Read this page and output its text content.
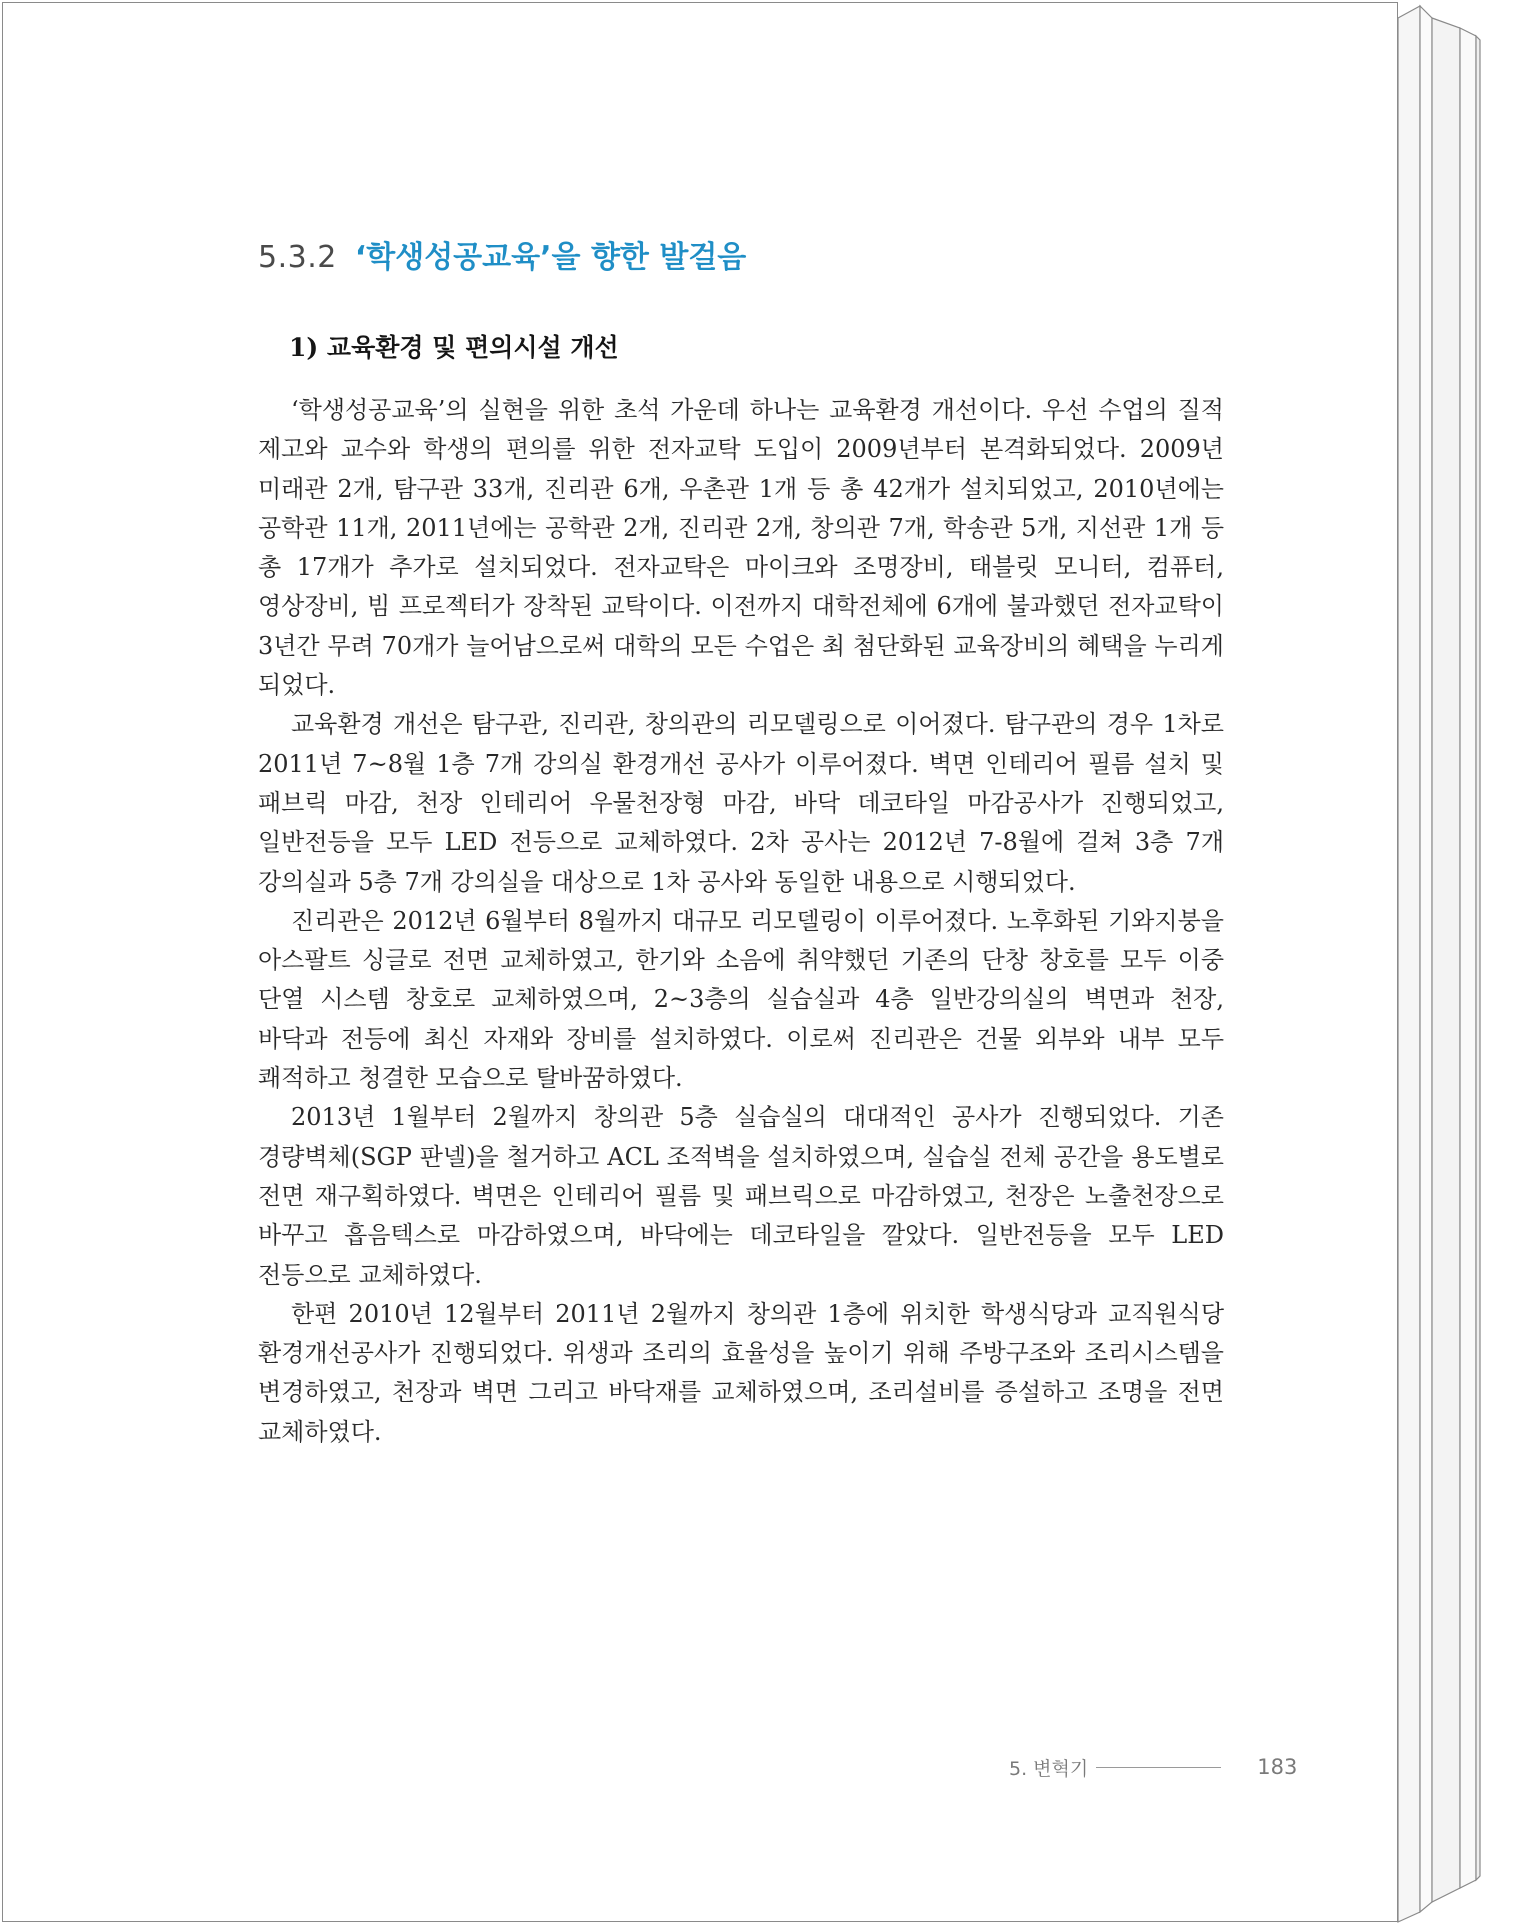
5.3.2 ‘학생성공교육’을 향한 발걸음
1) 교육환경 및 편의시설 개선

‘학생성공교육’의 실현을 위한 초석 가운데 하나는 교육환경 개선이다. 우선 수업의 질적 제고와 교수와 학생의 편의를 위한 전자교탁 도입이 2009년부터 본격화되었다. 2009년 미래관 2개, 탐구관 33개, 진리관 6개, 우촌관 1개 등 총 42개가 설치되었고, 2010년에는 공학관 11개, 2011년에는 공학관 2개, 진리관 2개, 창의관 7개, 학송관 5개, 지선관 1개 등 총 17개가 추가로 설치되었다. 전자교탁은 마이크와 조명장비, 태블릿 모니터, 컴퓨터, 영상장비, 빔 프로젝터가 장착된 교탁이다. 이전까지 대학전체에 6개에 불과했던 전자교탁이 3년간 무려 70개가 늘어남으로써 대학의 모든 수업은 최 첨단화된 교육장비의 혜택을 누리게 되었다.

교육환경 개선은 탐구관, 진리관, 창의관의 리모델링으로 이어졌다. 탐구관의 경우 1차로 2011년 7~8월 1층 7개 강의실 환경개선 공사가 이루어졌다. 벽면 인테리어 필름 설치 및 패브릭 마감, 천장 인테리어 우물천장형 마감, 바닥 데코타일 마감공사가 진행되었고, 일반전등을 모두 LED 전등으로 교체하였다. 2차 공사는 2012년 7-8월에 걸쳐 3층 7개 강의실과 5층 7개 강의실을 대상으로 1차 공사와 동일한 내용으로 시행되었다.

진리관은 2012년 6월부터 8월까지 대규모 리모델링이 이루어졌다. 노후화된 기와지붕을 아스팔트 싱글로 전면 교체하였고, 한기와 소음에 취약했던 기존의 단창 창호를 모두 이중 단열 시스템 창호로 교체하였으며, 2~3층의 실습실과 4층 일반강의실의 벽면과 천장, 바닥과 전등에 최신 자재와 장비를 설치하였다. 이로써 진리관은 건물 외부와 내부 모두 쾌적하고 청결한 모습으로 탈바꿈하였다.

2013년 1월부터 2월까지 창의관 5층 실습실의 대대적인 공사가 진행되었다. 기존 경량벽체(SGP 판넬)을 철거하고 ACL 조적벽을 설치하였으며, 실습실 전체 공간을 용도별로 전면 재구획하였다. 벽면은 인테리어 필름 및 패브릭으로 마감하였고, 천장은 노출천장으로 바꾸고 흡음텍스로 마감하였으며, 바닥에는 데코타일을 깔았다. 일반전등을 모두 LED 전등으로 교체하였다.

한편 2010년 12월부터 2011년 2월까지 창의관 1층에 위치한 학생식당과 교직원식당 환경개선공사가 진행되었다. 위생과 조리의 효율성을 높이기 위해 주방구조와 조리시스템을 변경하였고, 천장과 벽면 그리고 바닥재를 교체하였으며, 조리설비를 증설하고 조명을 전면 교체하였다.

5. 변혁기	183
